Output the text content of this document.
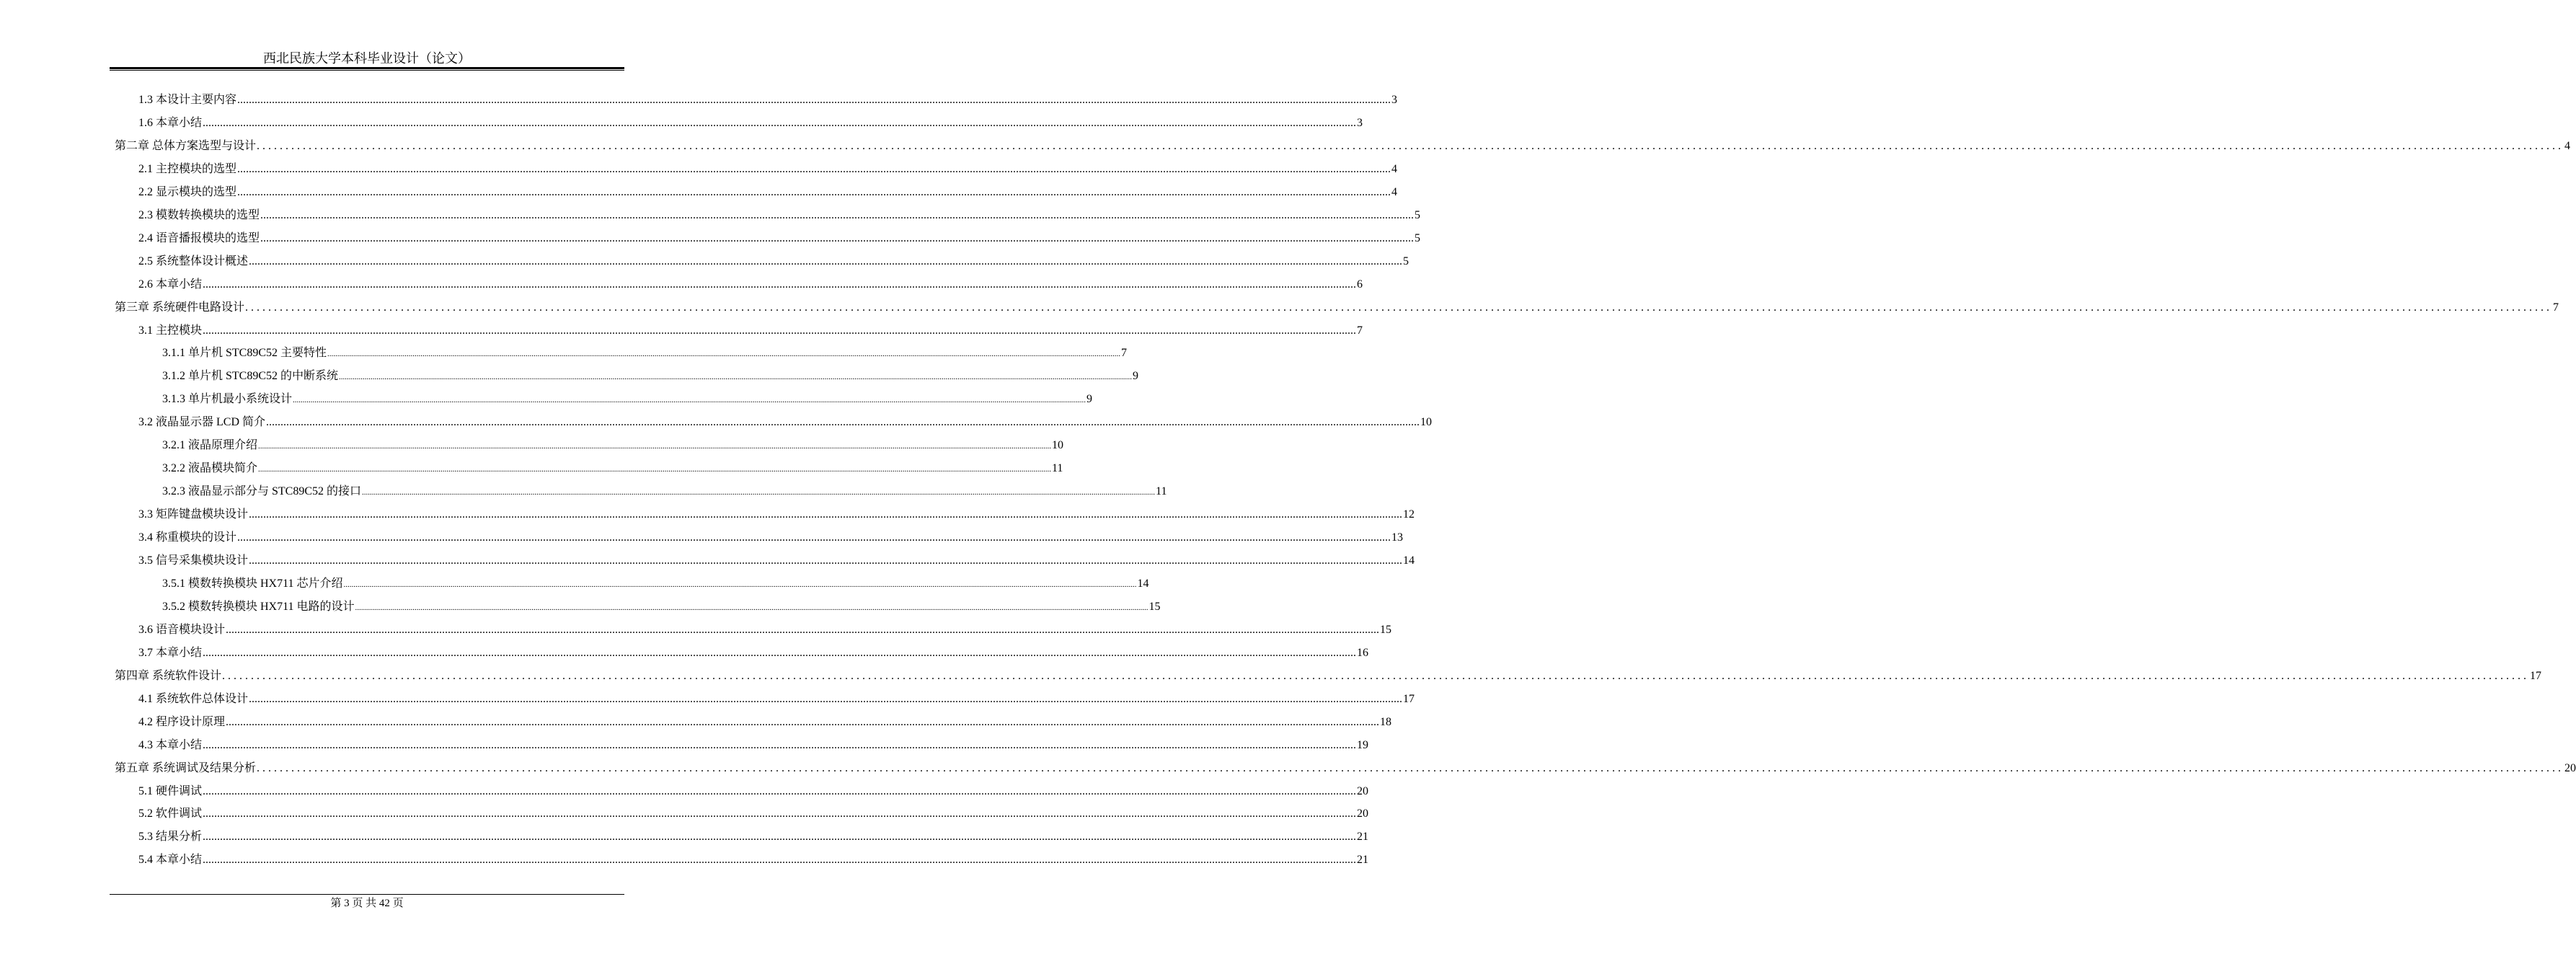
西北民族大学本科毕业设计（论文）
1.3 本设计主要内容 ................................................................................................................................................................................................................................................................................................................................................................................................................ 3
1.6 本章小结 ................................................................................................................................................................................................................................................................................................................................................................................................................ 3
第二章 总体方案选型与设计 ................................................................................................................................................................................................................................................................................................................................................................................................................ 4
2.1 主控模块的选型 ................................................................................................................................................................................................................................................................................................................................................................................................................ 4
2.2 显示模块的选型 ................................................................................................................................................................................................................................................................................................................................................................................................................ 4
2.3 模数转换模块的选型 ................................................................................................................................................................................................................................................................................................................................................................................................................ 5
2.4 语音播报模块的选型 ................................................................................................................................................................................................................................................................................................................................................................................................................ 5
2.5 系统整体设计概述 ................................................................................................................................................................................................................................................................................................................................................................................................................ 5
2.6 本章小结 ................................................................................................................................................................................................................................................................................................................................................................................................................ 6
第三章 系统硬件电路设计 ................................................................................................................................................................................................................................................................................................................................................................................................................ 7
3.1 主控模块 ................................................................................................................................................................................................................................................................................................................................................................................................................ 7
3.1.1 单片机 STC89C52 主要特性 ................................................................................................................................................................................................................................................................................................................................................................................................................ 7
3.1.2 单片机 STC89C52 的中断系统 ................................................................................................................................................................................................................................................................................................................................................................................................................ 9
3.1.3 单片机最小系统设计 ................................................................................................................................................................................................................................................................................................................................................................................................................ 9
3.2 液晶显示器 LCD 简介 ................................................................................................................................................................................................................................................................................................................................................................................................................ 10
3.2.1 液晶原理介绍 ................................................................................................................................................................................................................................................................................................................................................................................................................ 10
3.2.2 液晶模块简介 ................................................................................................................................................................................................................................................................................................................................................................................................................ 11
3.2.3 液晶显示部分与 STC89C52 的接口 ................................................................................................................................................................................................................................................................................................................................................................................................................ 11
3.3 矩阵键盘模块设计 ................................................................................................................................................................................................................................................................................................................................................................................................................ 12
3.4 称重模块的设计 ................................................................................................................................................................................................................................................................................................................................................................................................................ 13
3.5 信号采集模块设计 ................................................................................................................................................................................................................................................................................................................................................................................................................ 14
3.5.1 模数转换模块 HX711 芯片介绍 ................................................................................................................................................................................................................................................................................................................................................................................................................ 14
3.5.2 模数转换模块 HX711 电路的设计 ................................................................................................................................................................................................................................................................................................................................................................................................................ 15
3.6 语音模块设计 ................................................................................................................................................................................................................................................................................................................................................................................................................ 15
3.7 本章小结 ................................................................................................................................................................................................................................................................................................................................................................................................................ 16
第四章 系统软件设计 ................................................................................................................................................................................................................................................................................................................................................................................................................ 17
4.1 系统软件总体设计 ................................................................................................................................................................................................................................................................................................................................................................................................................ 17
4.2 程序设计原理 ................................................................................................................................................................................................................................................................................................................................................................................................................ 18
4.3 本章小结 ................................................................................................................................................................................................................................................................................................................................................................................................................ 19
第五章 系统调试及结果分析 ................................................................................................................................................................................................................................................................................................................................................................................................................ 20
5.1 硬件调试 ................................................................................................................................................................................................................................................................................................................................................................................................................ 20
5.2 软件调试 ................................................................................................................................................................................................................................................................................................................................................................................................................ 20
5.3 结果分析 ................................................................................................................................................................................................................................................................................................................................................................................................................ 21
5.4 本章小结 ................................................................................................................................................................................................................................................................................................................................................................................................................ 21
第 3 页 共 42 页
